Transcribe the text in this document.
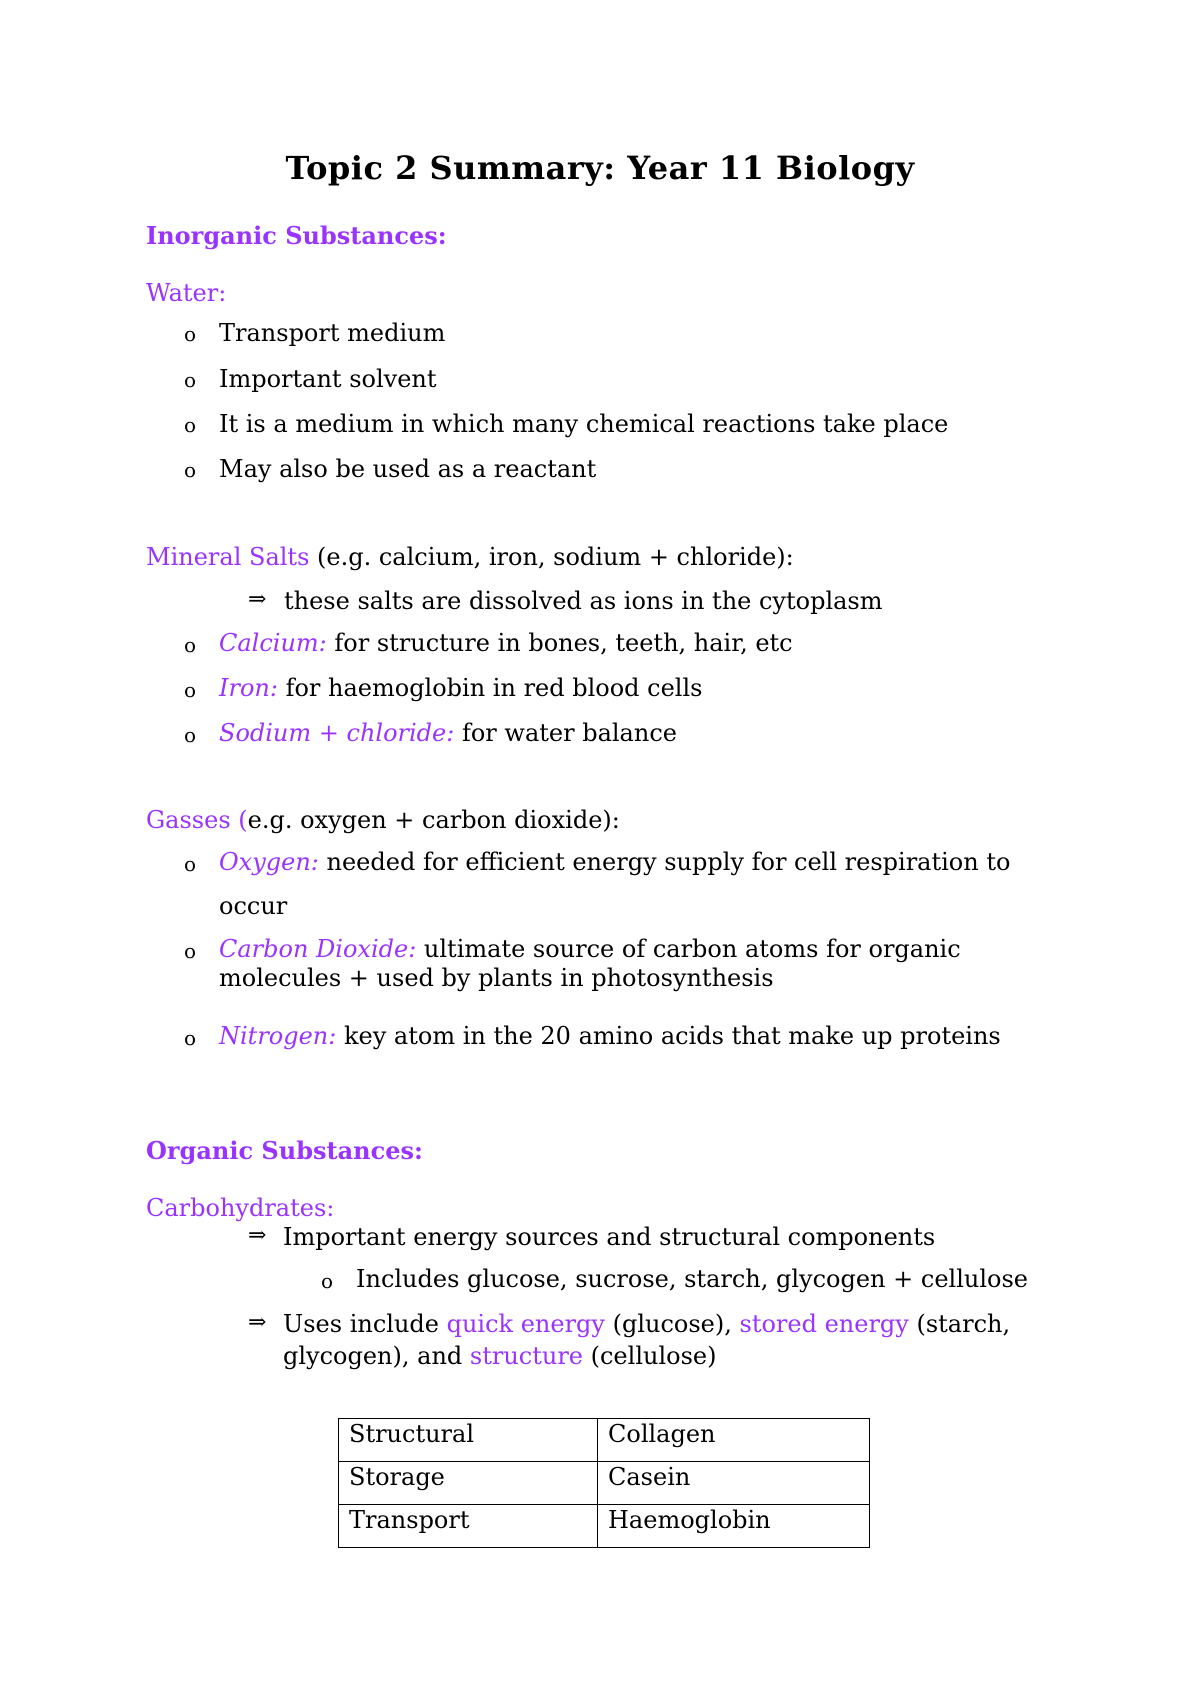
Topic 2 Summary: Year 11 Biology
Inorganic Substances:
Water:
o Transport medium
o Important solvent
o It is a medium in which many chemical reactions take place
o May also be used as a reactant
Mineral Salts (e.g. calcium, iron, sodium + chloride):
⇒ these salts are dissolved as ions in the cytoplasm
o Calcium: for structure in bones, teeth, hair, etc
o Iron: for haemoglobin in red blood cells
o Sodium + chloride: for water balance
Gasses (e.g. oxygen + carbon dioxide):
o Oxygen: needed for efficient energy supply for cell respiration to
occur
o Carbon Dioxide: ultimate source of carbon atoms for organic
molecules + used by plants in photosynthesis
o Nitrogen: key atom in the 20 amino acids that make up proteins
Organic Substances:
Carbohydrates:
⇒ Important energy sources and structural components
o Includes glucose, sucrose, starch, glycogen + cellulose
⇒ Uses include quick energy (glucose), stored energy (starch,
glycogen), and structure (cellulose)
Structural	Collagen
Storage	Casein
Transport	Haemoglobin
